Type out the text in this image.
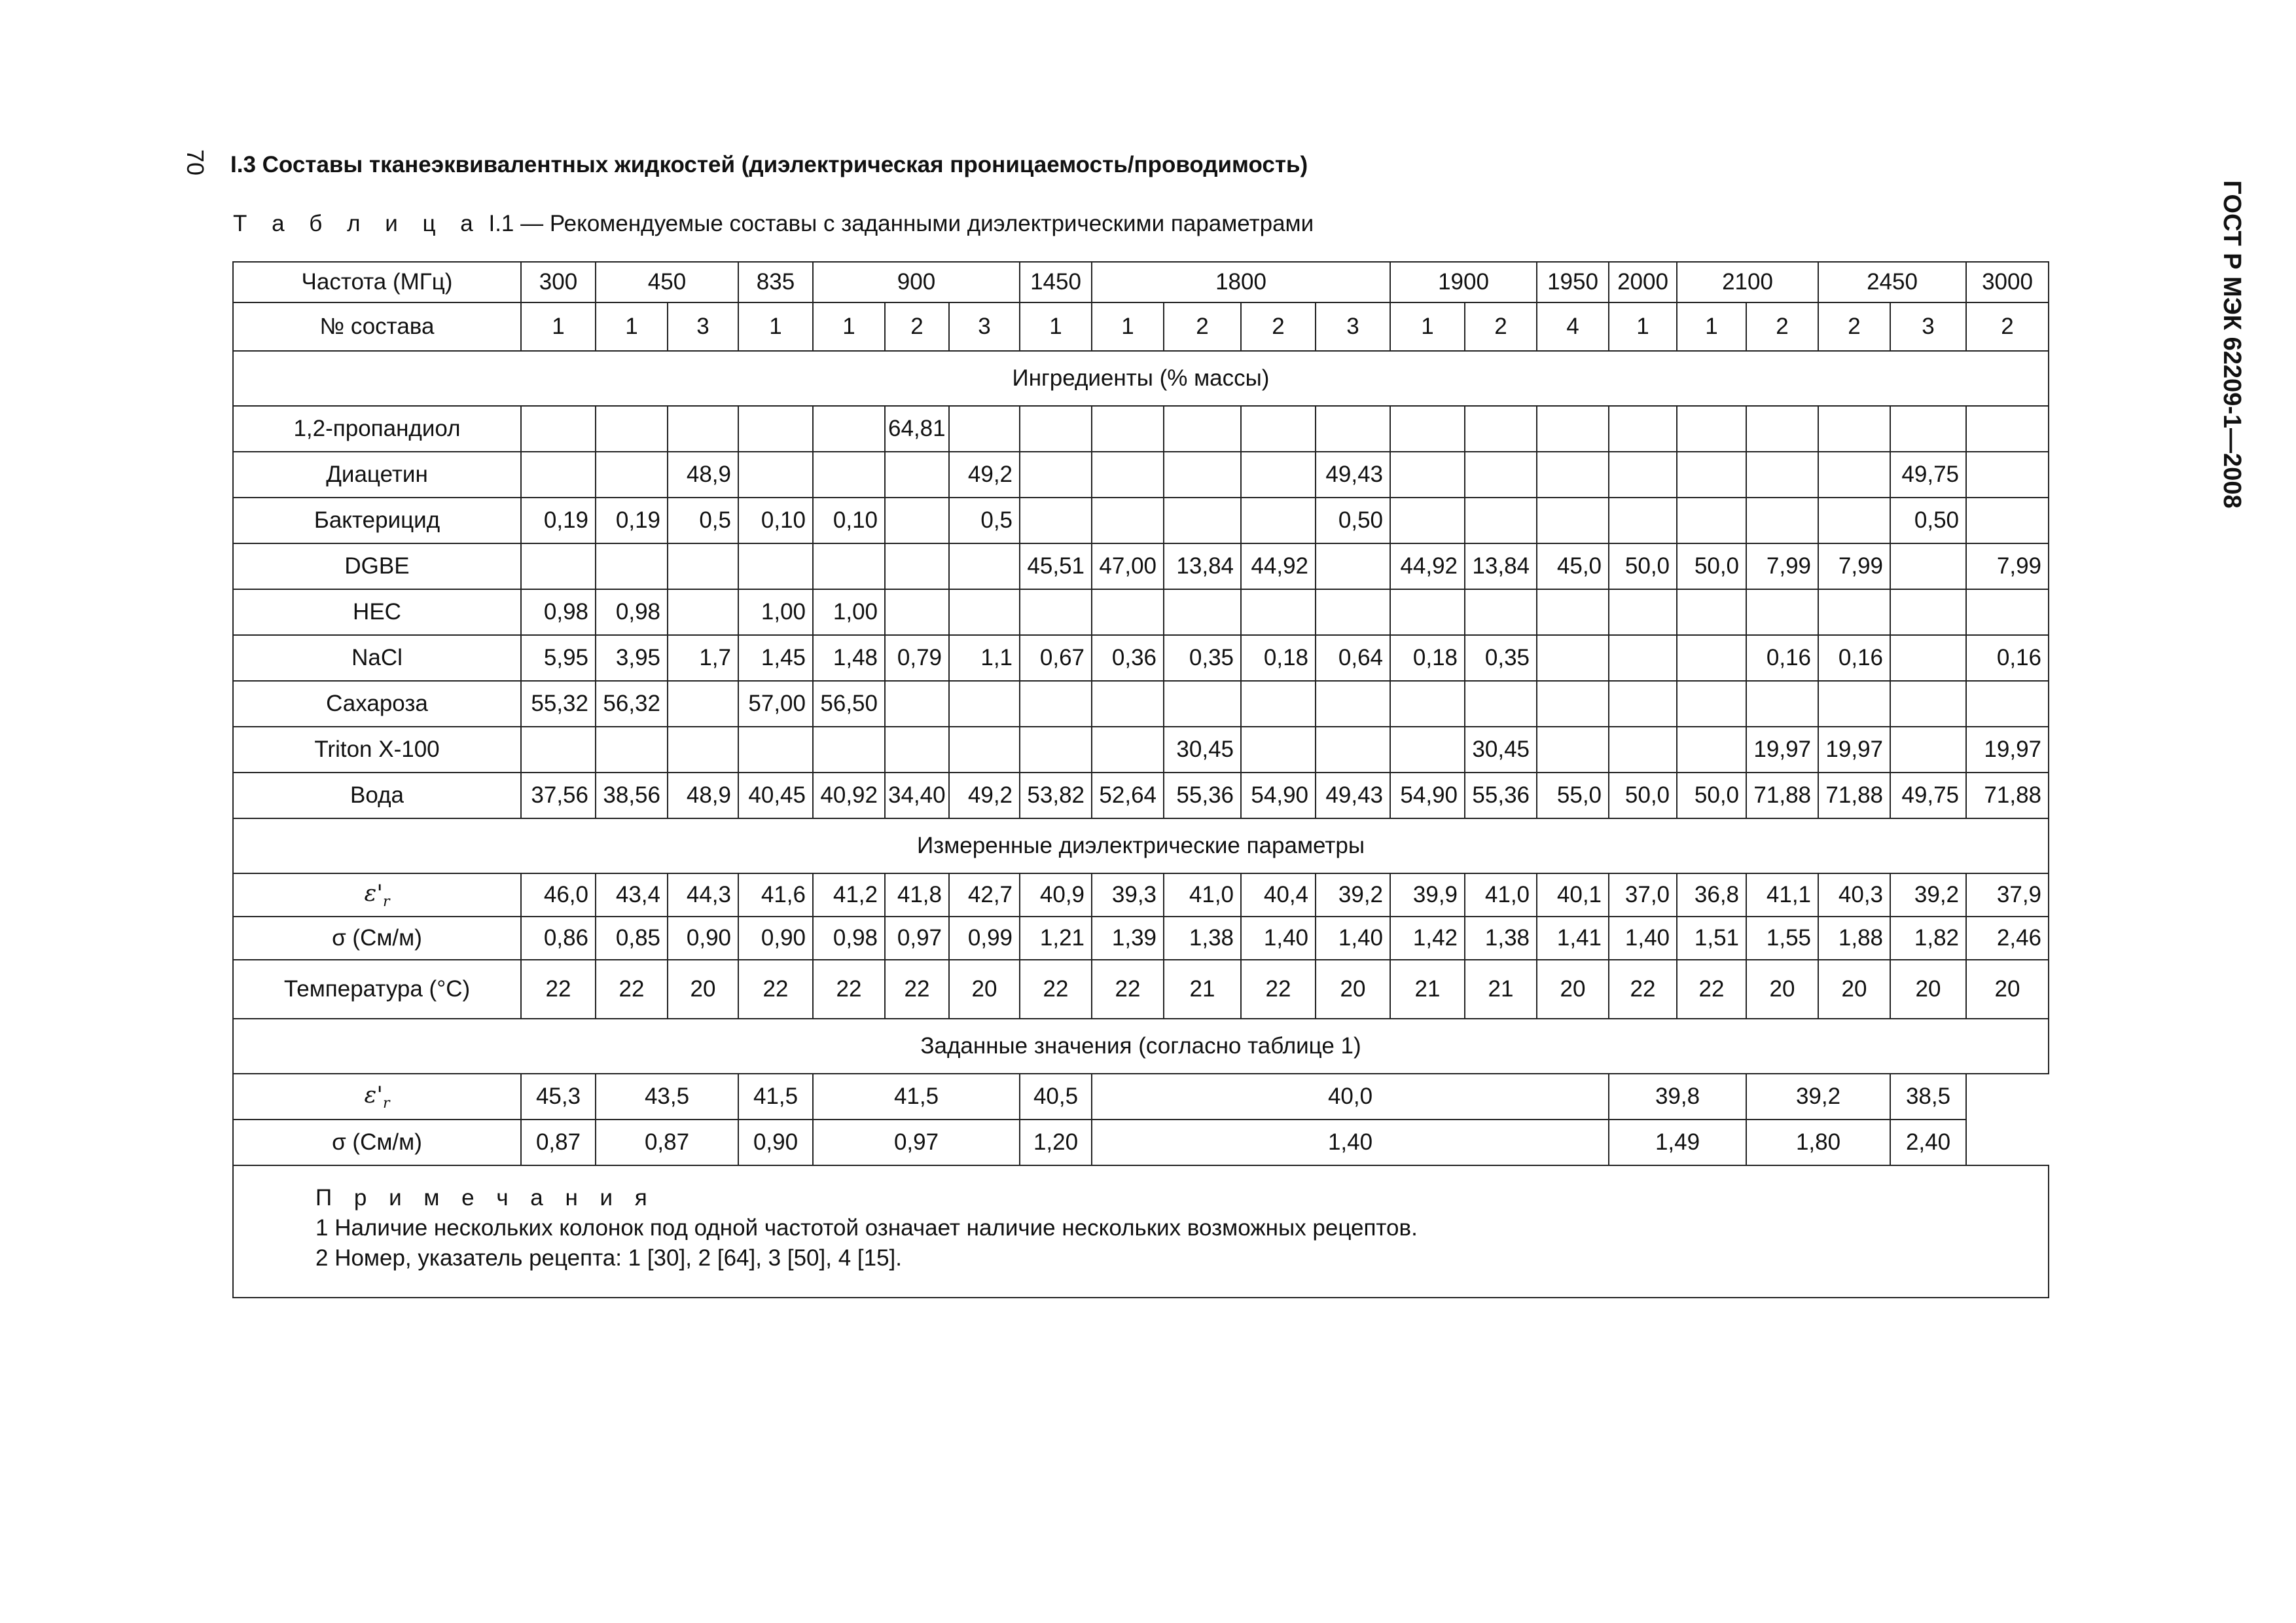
70
ГОСТ Р МЭК 62209-1—2008
I.3 Составы тканеэквивалентных жидкостей (диэлектрическая проницаемость/проводимость)
Т а б л и ц а I.1 — Рекомендуемые составы с заданными диэлектрическими параметрами
Частота (МГц)	300	450		835	900			1450	1800				1900		1950	2000	2100		2450		3000
№ состава	1	1	3	1	1	2	3	1	1	2	2	3	1	2	4	1	1	2	2	3	2
Ингредиенты (% массы)																					
1,2-пропандиол						64,81															
Диацетин			48,9				49,2					49,43								49,75	
Бактерицид	0,19	0,19	0,5	0,10	0,10		0,5					0,50								0,50	
DGBE								45,51	47,00	13,84	44,92		44,92	13,84	45,0	50,0	50,0	7,99	7,99		7,99
HEC	0,98	0,98		1,00	1,00																
NaCl	5,95	3,95	1,7	1,45	1,48	0,79	1,1	0,67	0,36	0,35	0,18	0,64	0,18	0,35				0,16	0,16		0,16
Сахароза	55,32	56,32		57,00	56,50																
Triton X-100										30,45				30,45				19,97	19,97		19,97
Вода	37,56	38,56	48,9	40,45	40,92	34,40	49,2	53,82	52,64	55,36	54,90	49,43	54,90	55,36	55,0	50,0	50,0	71,88	71,88	49,75	71,88
Измеренные диэлектрические параметры																					
$\varepsilon'_r$	46,0	43,4	44,3	41,6	41,2	41,8	42,7	40,9	39,3	41,0	40,4	39,2	39,9	41,0	40,1	37,0	36,8	41,1	40,3	39,2	37,9
σ (См/м)	0,86	0,85	0,90	0,90	0,98	0,97	0,99	1,21	1,39	1,38	1,40	1,40	1,42	1,38	1,41	1,40	1,51	1,55	1,88	1,82	2,46
Температура (°C)	22	22	20	22	22	22	20	22	22	21	22	20	21	21	20	22	22	20	20	20	20
Заданные значения (согласно таблице 1)																					
$\varepsilon'_r$	45,3	43,5		41,5	41,5			40,5	40,0							39,8		39,2		38,5	
σ (См/м)	0,87	0,87		0,90	0,97			1,20	1,40							1,49		1,80		2,40	

П р и м е ч а н и я
1 Наличие нескольких колонок под одной частотой означает наличие нескольких возможных рецептов.
2 Номер, указатель рецепта: 1 [30], 2 [64], 3 [50], 4 [15].																					
